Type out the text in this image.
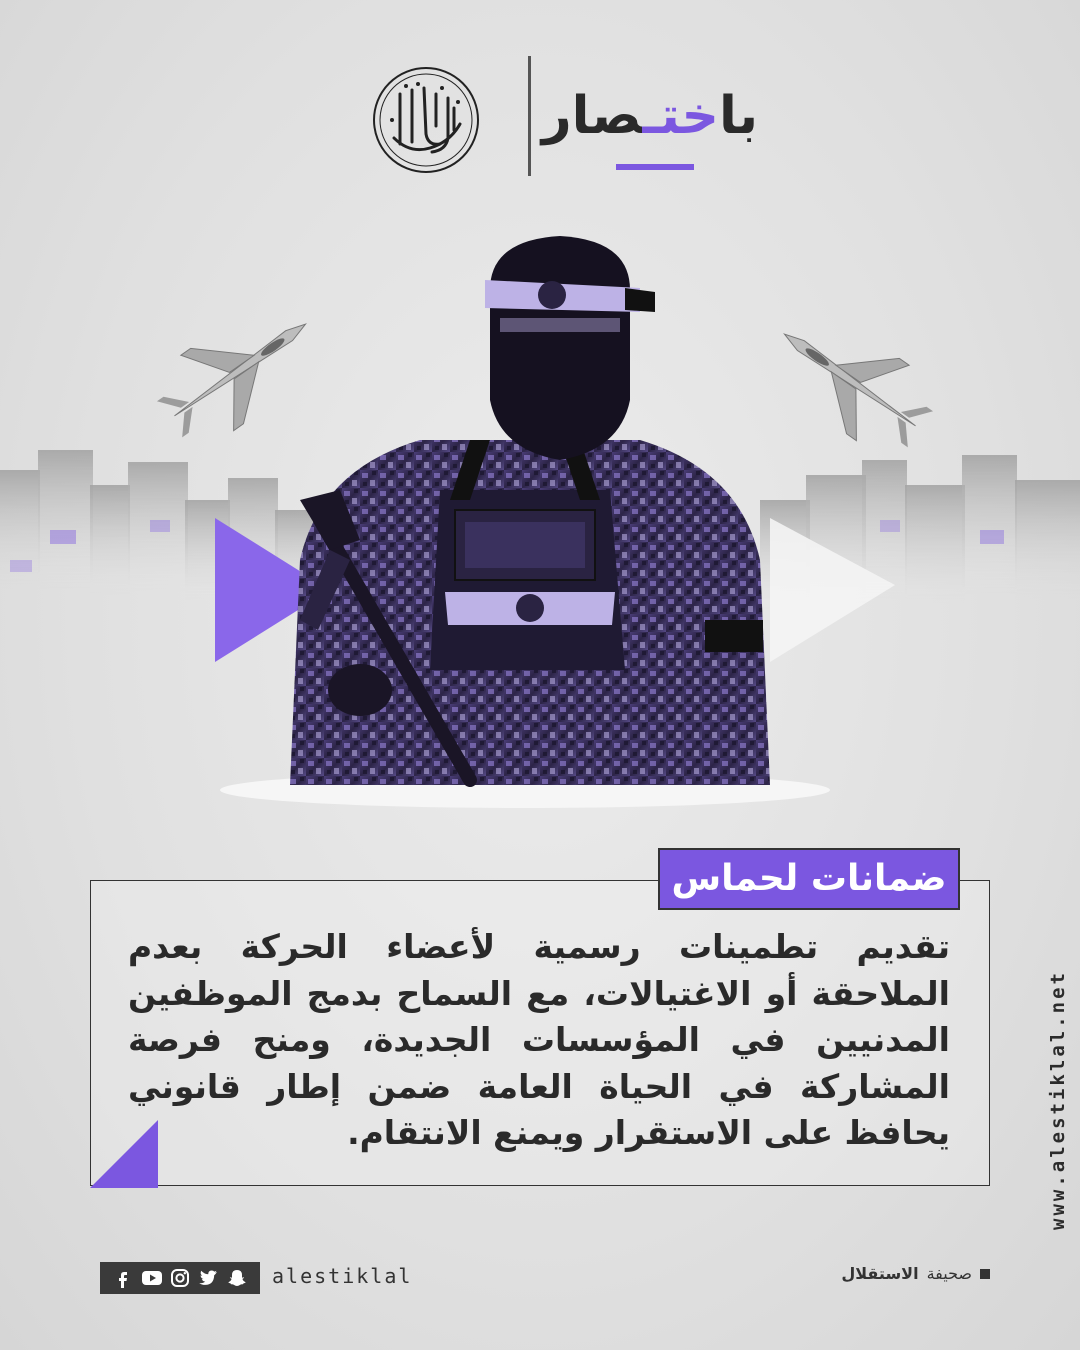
باختـصار
ضمانات لحماس
تقديم تطمينات رسمية لأعضاء الحركة بعدم الملاحقة أو الاغتيالات، مع السماح بدمج الموظفين المدنيين في المؤسسات الجديدة، ومنح فرصة المشاركة في الحياة العامة ضمن إطار قانوني يحافظ على الاستقرار ويمنع الانتقام.	www.alestiklal.net
alestiklal	صحيفة
الاستقلال
